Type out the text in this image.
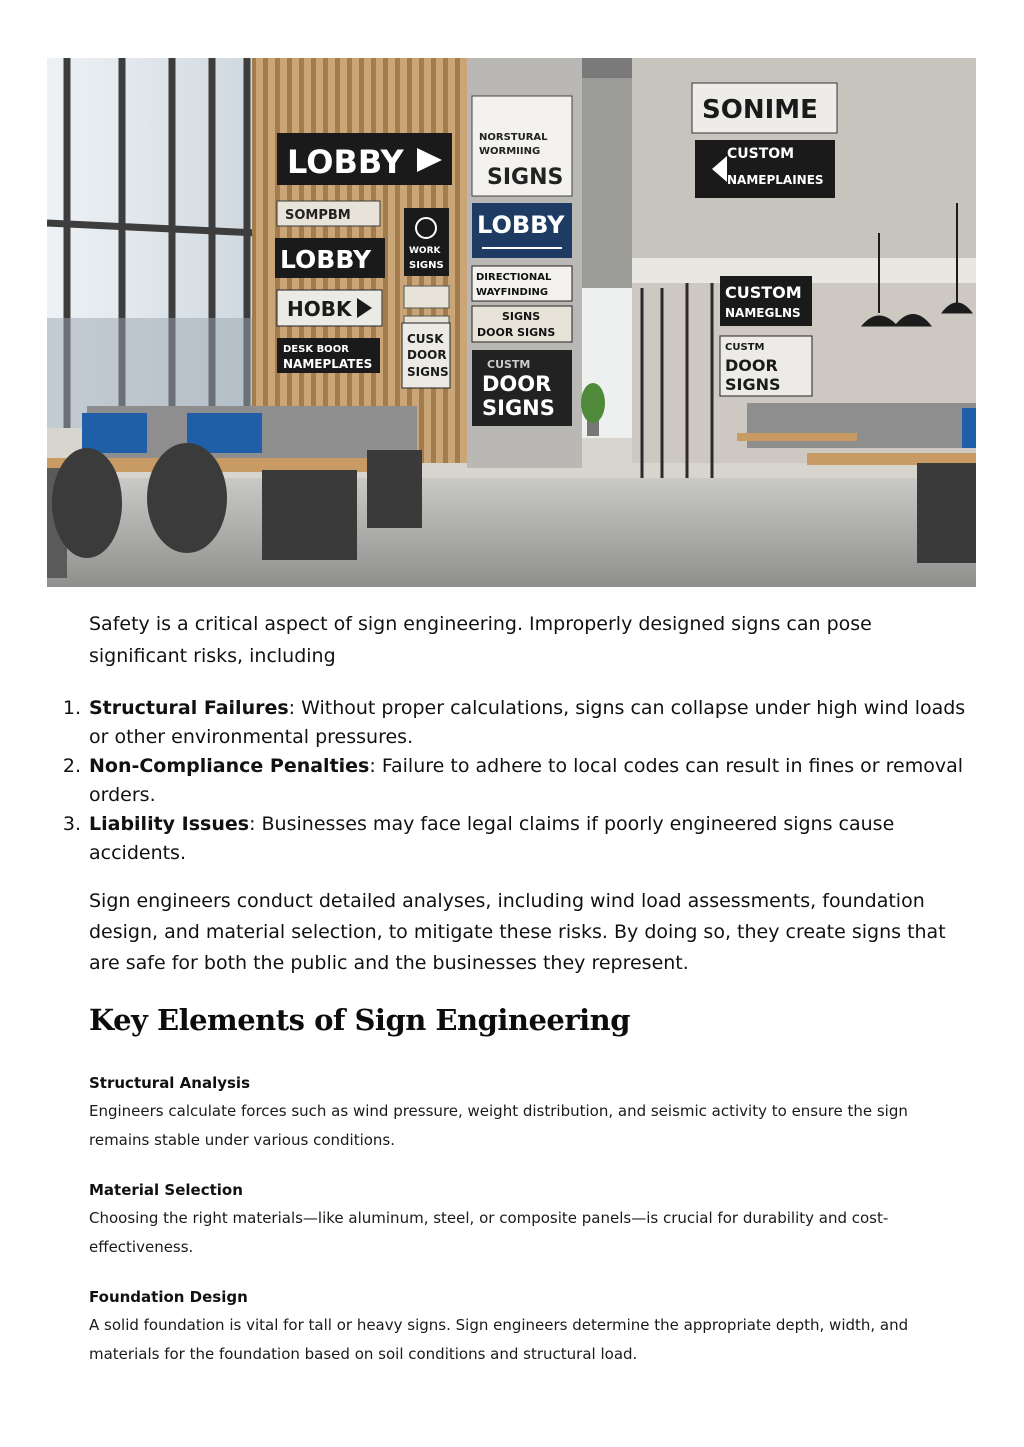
LOBBY
SOMPBM
LOBBY
HOBK
DESK BOOR
NAMEPLATES
WORK
SIGNS
CUSK
DOOR
SIGNS
NORSTURAL
WORMIING
SIGNS
LOBBY
DIRECTIONAL
WAYFINDING
SIGNS
DOOR SIGNS
CUSTM
DOOR
SIGNS
SONIME
CUSTOM
NAMEPLAINES
CUSTOM
NAMEGLNS
CUSTM
DOOR
SIGNS

Safety is a critical aspect of sign engineering. Improperly designed signs can pose significant risks, including

1. Structural Failures: Without proper calculations, signs can collapse under high wind loads or other environmental pressures.
2. Non-Compliance Penalties: Failure to adhere to local codes can result in fines or removal orders.
3. Liability Issues: Businesses may face legal claims if poorly engineered signs cause accidents.

Sign engineers conduct detailed analyses, including wind load assessments, foundation design, and material selection, to mitigate these risks. By doing so, they create signs that are safe for both the public and the businesses they represent.

Key Elements of Sign Engineering
Structural Analysis

Engineers calculate forces such as wind pressure, weight distribution, and seismic activity to ensure the sign remains stable under various conditions.

Material Selection

Choosing the right materials—like aluminum, steel, or composite panels—is crucial for durability and cost-effectiveness.

Foundation Design

A solid foundation is vital for tall or heavy signs. Sign engineers determine the appropriate depth, width, and materials for the foundation based on soil conditions and structural load.
